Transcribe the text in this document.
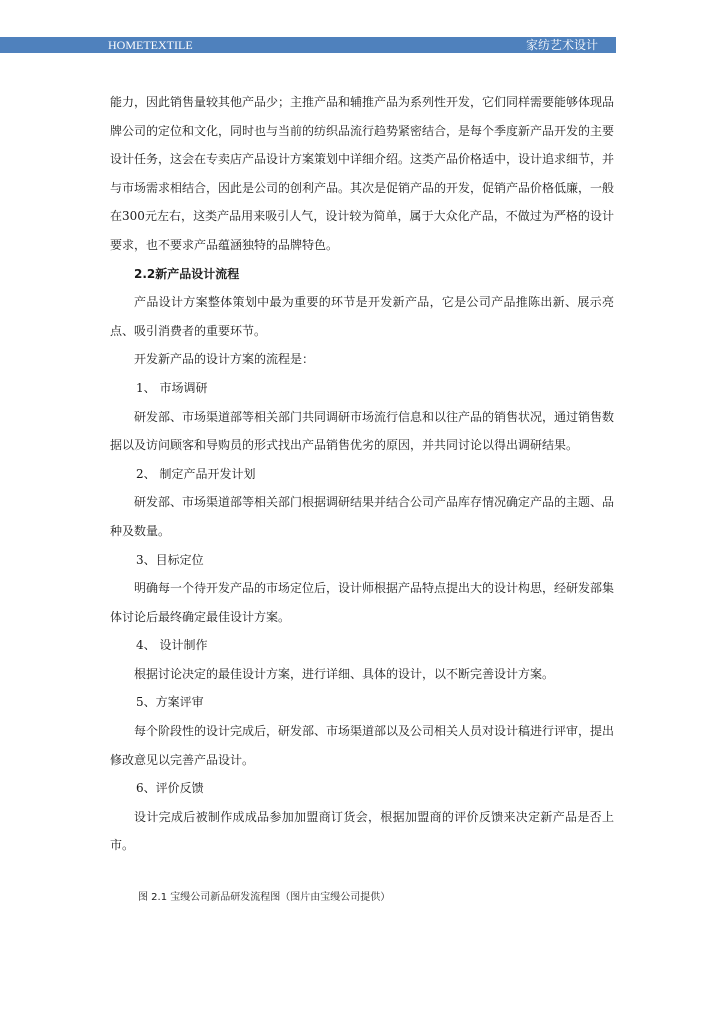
HOMETEXTILE	家纺艺术设计

能力，因此销售量较其他产品少；主推产品和辅推产品为系列性开发，它们同样需要能够体现品牌公司的定位和文化，同时也与当前的纺织品流行趋势紧密结合，是每个季度新产品开发的主要设计任务，这会在专卖店产品设计方案策划中详细介绍。这类产品价格适中，设计追求细节，并与市场需求相结合，因此是公司的创利产品。其次是促销产品的开发，促销产品价格低廉，一般在300元左右，这类产品用来吸引人气，设计较为简单，属于大众化产品，不做过为严格的设计要求，也不要求产品蕴涵独特的品牌特色。

2.2新产品设计流程

产品设计方案整体策划中最为重要的环节是开发新产品，它是公司产品推陈出新、展示亮点、吸引消费者的重要环节。

开发新产品的设计方案的流程是：

1、 市场调研

研发部、市场渠道部等相关部门共同调研市场流行信息和以往产品的销售状况，通过销售数据以及访问顾客和导购员的形式找出产品销售优劣的原因，并共同讨论以得出调研结果。

2、 制定产品开发计划

研发部、市场渠道部等相关部门根据调研结果并结合公司产品库存情况确定产品的主题、品种及数量。

3、目标定位

明确每一个待开发产品的市场定位后，设计师根据产品特点提出大的设计构思，经研发部集体讨论后最终确定最佳设计方案。

4、 设计制作

根据讨论决定的最佳设计方案，进行详细、具体的设计，以不断完善设计方案。

5、方案评审

每个阶段性的设计完成后，研发部、市场渠道部以及公司相关人员对设计稿进行评审，提出修改意见以完善产品设计。

6、评价反馈

设计完成后被制作成成品参加加盟商订货会，根据加盟商的评价反馈来决定新产品是否上市。

图 2.1 宝缦公司新品研发流程图（图片由宝缦公司提供）
